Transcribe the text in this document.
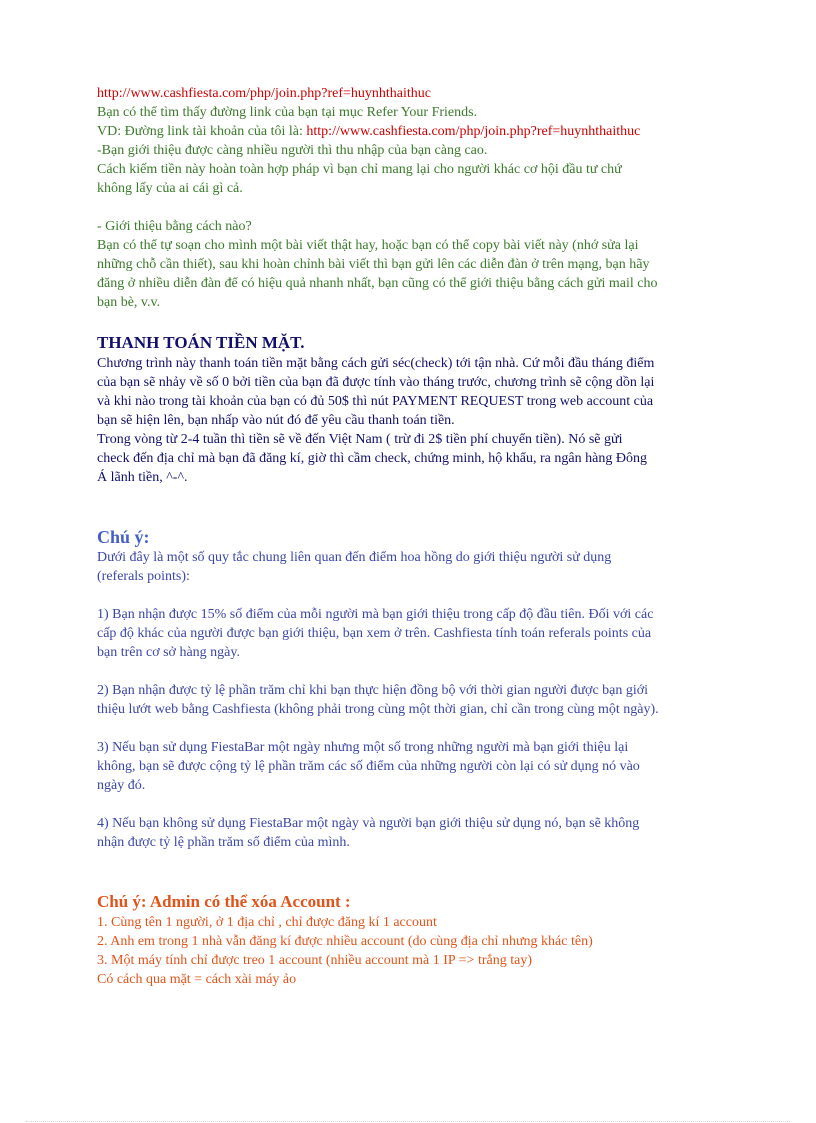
http://www.cashfiesta.com/php/join.php?ref=huynhthaithuc
Bạn có thể tìm thấy đường link của bạn tại mục Refer Your Friends.
VD: Đường link tài khoản của tôi là: http://www.cashfiesta.com/php/join.php?ref=huynhthaithuc
-Bạn giới thiệu được càng nhiều người thì thu nhập của bạn càng cao.
Cách kiếm tiền này hoàn toàn hợp pháp vì bạn chỉ mang lại cho người khác cơ hội đầu tư chứ
không lấy của ai cái gì cả.
- Giới thiệu bằng cách nào?
Bạn có thể tự soạn cho mình một bài viết thật hay, hoặc bạn có thể copy bài viết này (nhớ sửa lại
những chỗ cần thiết), sau khi hoàn chỉnh bài viết thì bạn gửi lên các diễn đàn ở trên mạng, bạn hãy
đăng ở nhiều diễn đàn để có hiệu quả nhanh nhất, bạn cũng có thể giới thiệu bằng cách gửi mail cho
bạn bè, v.v.
THANH TOÁN TIỀN MẶT.
Chương trình này thanh toán tiền mặt bằng cách gửi séc(check) tới tận nhà. Cứ mỗi đầu tháng điểm
của bạn sẽ nhảy về số 0 bởi tiền của bạn đã được tính vào tháng trước, chương trình sẽ cộng dồn lại
và khi nào trong tài khoản của bạn có đủ 50$ thì nút PAYMENT REQUEST trong web account của
bạn sẽ hiện lên, bạn nhấp vào nút đó để yêu cầu thanh toán tiền.
Trong vòng từ 2-4 tuần thì tiền sẽ về đến Việt Nam ( trừ đi 2$ tiền phí chuyển tiền). Nó sẽ gửi
check đến địa chỉ mà bạn đã đăng kí, giờ thì cầm check, chứng minh, hộ khẩu, ra ngân hàng Đông
Á lãnh tiền, ^-^.
Chú ý:
Dưới đây là một số quy tắc chung liên quan đến điểm hoa hồng do giới thiệu người sử dụng
(referals points):
1) Bạn nhận được 15% số điểm của mỗi người mà bạn giới thiệu trong cấp độ đầu tiên. Đối với các
cấp độ khác của người được bạn giới thiệu, bạn xem ở trên. Cashfiesta tính toán referals points của
bạn trên cơ sở hàng ngày.
2) Bạn nhận được tỷ lệ phần trăm chỉ khi bạn thực hiện đồng bộ với thời gian người được bạn giới
thiệu lướt web bằng Cashfiesta (không phải trong cùng một thời gian, chỉ cần trong cùng một ngày).
3) Nếu bạn sử dụng FiestaBar một ngày nhưng một số trong những người mà bạn giới thiệu lại
không, bạn sẽ được cộng tỷ lệ phần trăm các số điểm của những người còn lại có sử dụng nó vào
ngày đó.
4) Nếu bạn không sử dụng FiestaBar một ngày và người bạn giới thiệu sử dụng nó, bạn sẽ không
nhận được tỷ lệ phần trăm số điểm của mình.
Chú ý: Admin có thể xóa Account :
1. Cùng tên 1 người, ở 1 địa chỉ , chỉ được đăng kí 1 account
2. Anh em trong 1 nhà vẫn đăng kí được nhiều account (do cùng địa chỉ nhưng khác tên)
3. Một máy tính chỉ được treo 1 account (nhiều account mà 1 IP => trắng tay)
Có cách qua mặt = cách xài máy ảo
